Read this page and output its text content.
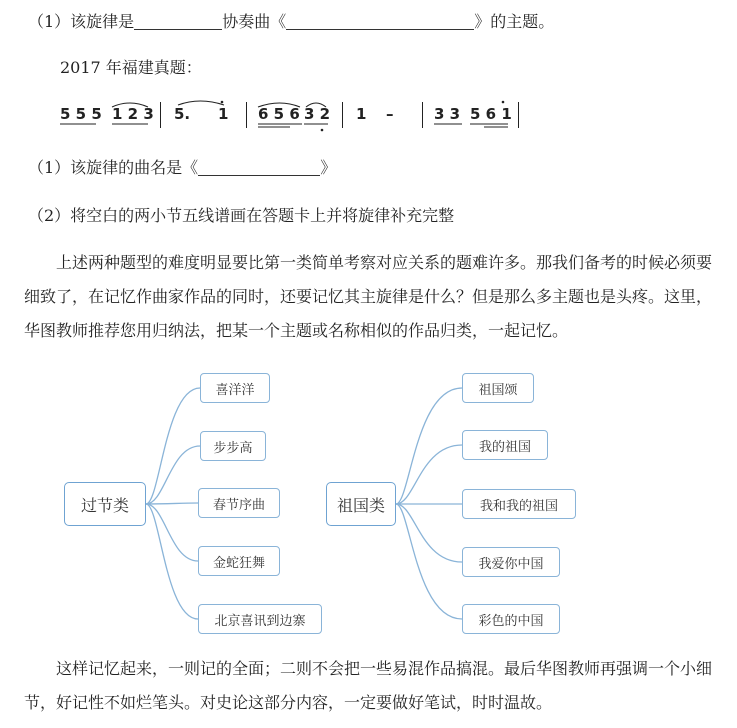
（1）该旋律是	协奏曲《	》的主题。
2017 年福建真题：
5 5 5 1 2 3 5. 1 6 5 6 3 2 1 –	3 3 5 6 1
（1）该旋律的曲名是《	》
（2）将空白的两小节五线谱画在答题卡上并将旋律补充完整
上述两种题型的难度明显要比第一类简单考察对应关系的题难许多。那我们备考的时候必须要细致了，在记忆作曲家作品的同时，还要记忆其主旋律是什么？但是那么多主题也是头疼。这里，华图教师推荐您用归纳法，把某一个主题或名称相似的作品归类，一起记忆。
过节类
喜洋洋
步步高
春节序曲
金蛇狂舞
北京喜讯到边寨
祖国类
祖国颂
我的祖国
我和我的祖国
我爱你中国
彩色的中国
这样记忆起来，一则记的全面；二则不会把一些易混作品搞混。最后华图教师再强调一个小细节，好记性不如烂笔头。对史论这部分内容，一定要做好笔试，时时温故。
